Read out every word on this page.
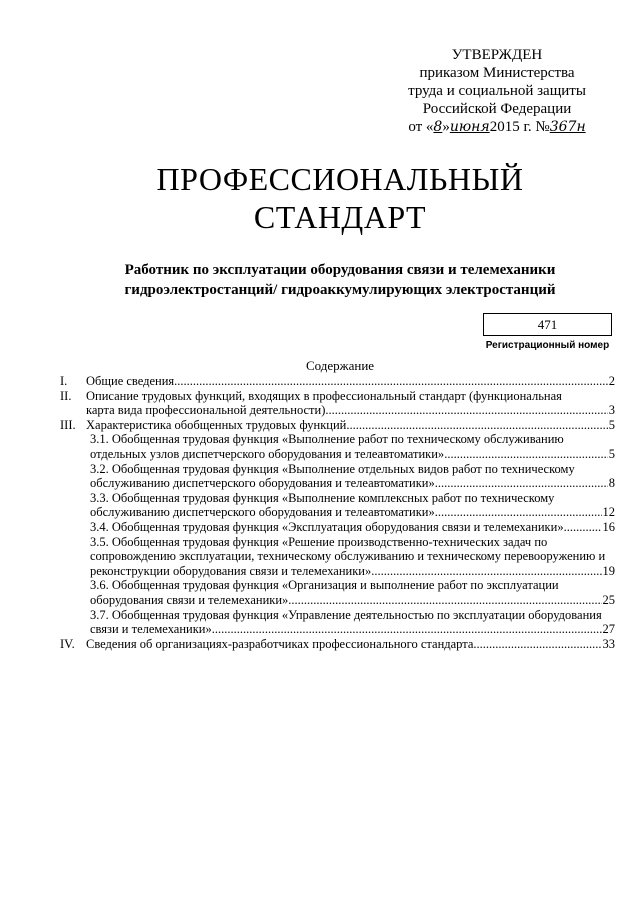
УТВЕРЖДЕН
приказом Министерства
труда и социальной защиты
Российской Федерации
от «8»июня2015 г. №367н
ПРОФЕССИОНАЛЬНЫЙ
СТАНДАРТ
Работник по эксплуатации оборудования связи и телемеханики
гидроэлектростанций/ гидроаккумулирующих электростанций
471
Регистрационный номер
Содержание
I. Общие сведения .....	2
II. Описание трудовых функций, входящих в профессиональный стандарт (функциональная
карта вида профессиональной деятельности) .....	3
III. Характеристика обобщенных трудовых функций .....	5
3.1. Обобщенная трудовая функция «Выполнение работ по техническому обслуживанию
отдельных узлов диспетчерского оборудования и телеавтоматики» .....	5
3.2. Обобщенная трудовая функция «Выполнение отдельных видов работ по техническому
обслуживанию диспетчерского оборудования и телеавтоматики» .....	8
3.3. Обобщенная трудовая функция «Выполнение комплексных работ по техническому
обслуживанию диспетчерского оборудования и телеавтоматики» .....	12
3.4. Обобщенная трудовая функция «Эксплуатация оборудования связи и телемеханики» .....	16
3.5. Обобщенная трудовая функция «Решение производственно-технических задач по
сопровождению эксплуатации, техническому обслуживанию и техническому перевооружению и
реконструкции оборудования связи и телемеханики» .....	19
3.6. Обобщенная трудовая функция «Организация и выполнение работ по эксплуатации
оборудования связи и телемеханики» .....	25
3.7. Обобщенная трудовая функция «Управление деятельностью по эксплуатации оборудования
связи и телемеханики» .....	27
IV. Сведения об организациях-разработчиках профессионального стандарта .....	33
